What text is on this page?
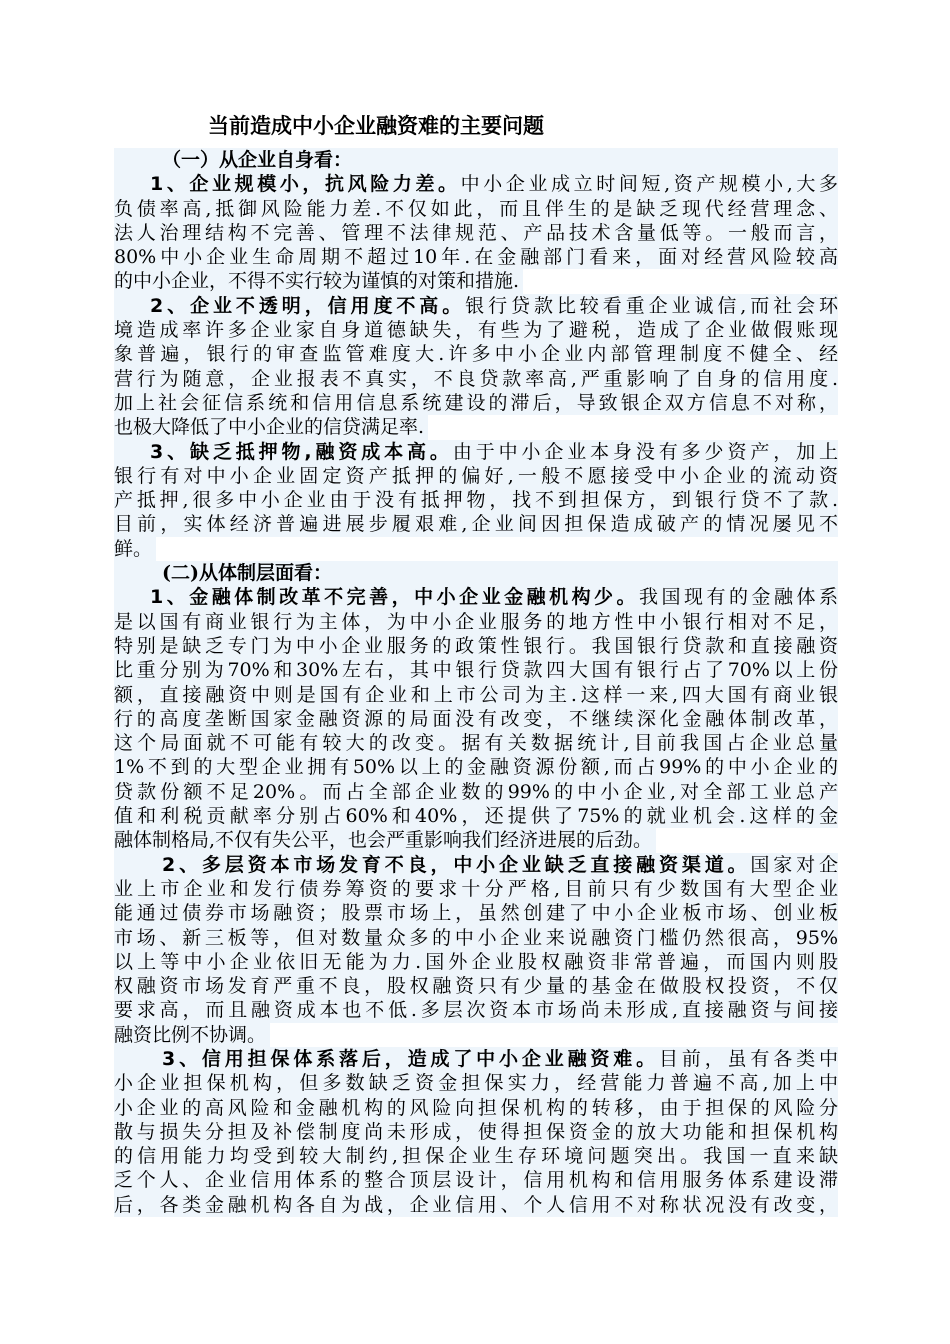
当前造成中小企业融资难的主要问题
（一）从企业自身看：
1、企业规模小，抗风险力差。中小企业成立时间短,资产规模小,大多
负债率高,抵御风险能力差.不仅如此，而且伴生的是缺乏现代经营理念、
法人治理结构不完善、管理不法律规范、产品技术含量低等。一般而言，
80%中小企业生命周期不超过10年.在金融部门看来，面对经营风险较高
的中小企业，不得不实行较为谨慎的对策和措施.
2、企业不透明，信用度不高。银行贷款比较看重企业诚信,而社会环
境造成率许多企业家自身道德缺失，有些为了避税，造成了企业做假账现
象普遍，银行的审查监管难度大.许多中小企业内部管理制度不健全、经
营行为随意，企业报表不真实，不良贷款率高,严重影响了自身的信用度.
加上社会征信系统和信用信息系统建设的滞后，导致银企双方信息不对称，
也极大降低了中小企业的信贷满足率.
3、缺乏抵押物,融资成本高。由于中小企业本身没有多少资产，加上
银行有对中小企业固定资产抵押的偏好,一般不愿接受中小企业的流动资
产抵押,很多中小企业由于没有抵押物，找不到担保方，到银行贷不了款.
目前，实体经济普遍进展步履艰难,企业间因担保造成破产的情况屡见不
鲜。
(二)从体制层面看：
1、金融体制改革不完善，中小企业金融机构少。我国现有的金融体系
是以国有商业银行为主体，为中小企业服务的地方性中小银行相对不足，
特别是缺乏专门为中小企业服务的政策性银行。我国银行贷款和直接融资
比重分别为70%和30%左右，其中银行贷款四大国有银行占了70%以上份
额，直接融资中则是国有企业和上市公司为主.这样一来,四大国有商业银
行的高度垄断国家金融资源的局面没有改变，不继续深化金融体制改革，
这个局面就不可能有较大的改变。据有关数据统计,目前我国占企业总量
1%不到的大型企业拥有50%以上的金融资源份额,而占99%的中小企业的
贷款份额不足20%。而占全部企业数的99%的中小企业,对全部工业总产
值和利税贡献率分别占60%和40%，还提供了75%的就业机会.这样的金
融体制格局,不仅有失公平，也会严重影响我们经济进展的后劲。
2、多层资本市场发育不良，中小企业缺乏直接融资渠道。国家对企
业上市企业和发行债券筹资的要求十分严格,目前只有少数国有大型企业
能通过债券市场融资；股票市场上，虽然创建了中小企业板市场、创业板
市场、新三板等，但对数量众多的中小企业来说融资门槛仍然很高，95%
以上等中小企业依旧无能为力.国外企业股权融资非常普遍，而国内则股
权融资市场发育严重不良，股权融资只有少量的基金在做股权投资，不仅
要求高，而且融资成本也不低.多层次资本市场尚未形成,直接融资与间接
融资比例不协调。
3、信用担保体系落后，造成了中小企业融资难。目前，虽有各类中
小企业担保机构，但多数缺乏资金担保实力，经营能力普遍不高,加上中
小企业的高风险和金融机构的风险向担保机构的转移，由于担保的风险分
散与损失分担及补偿制度尚未形成，使得担保资金的放大功能和担保机构
的信用能力均受到较大制约,担保企业生存环境问题突出。我国一直来缺
乏个人、企业信用体系的整合顶层设计，信用机构和信用服务体系建设滞
后，各类金融机构各自为战，企业信用、个人信用不对称状况没有改变，
